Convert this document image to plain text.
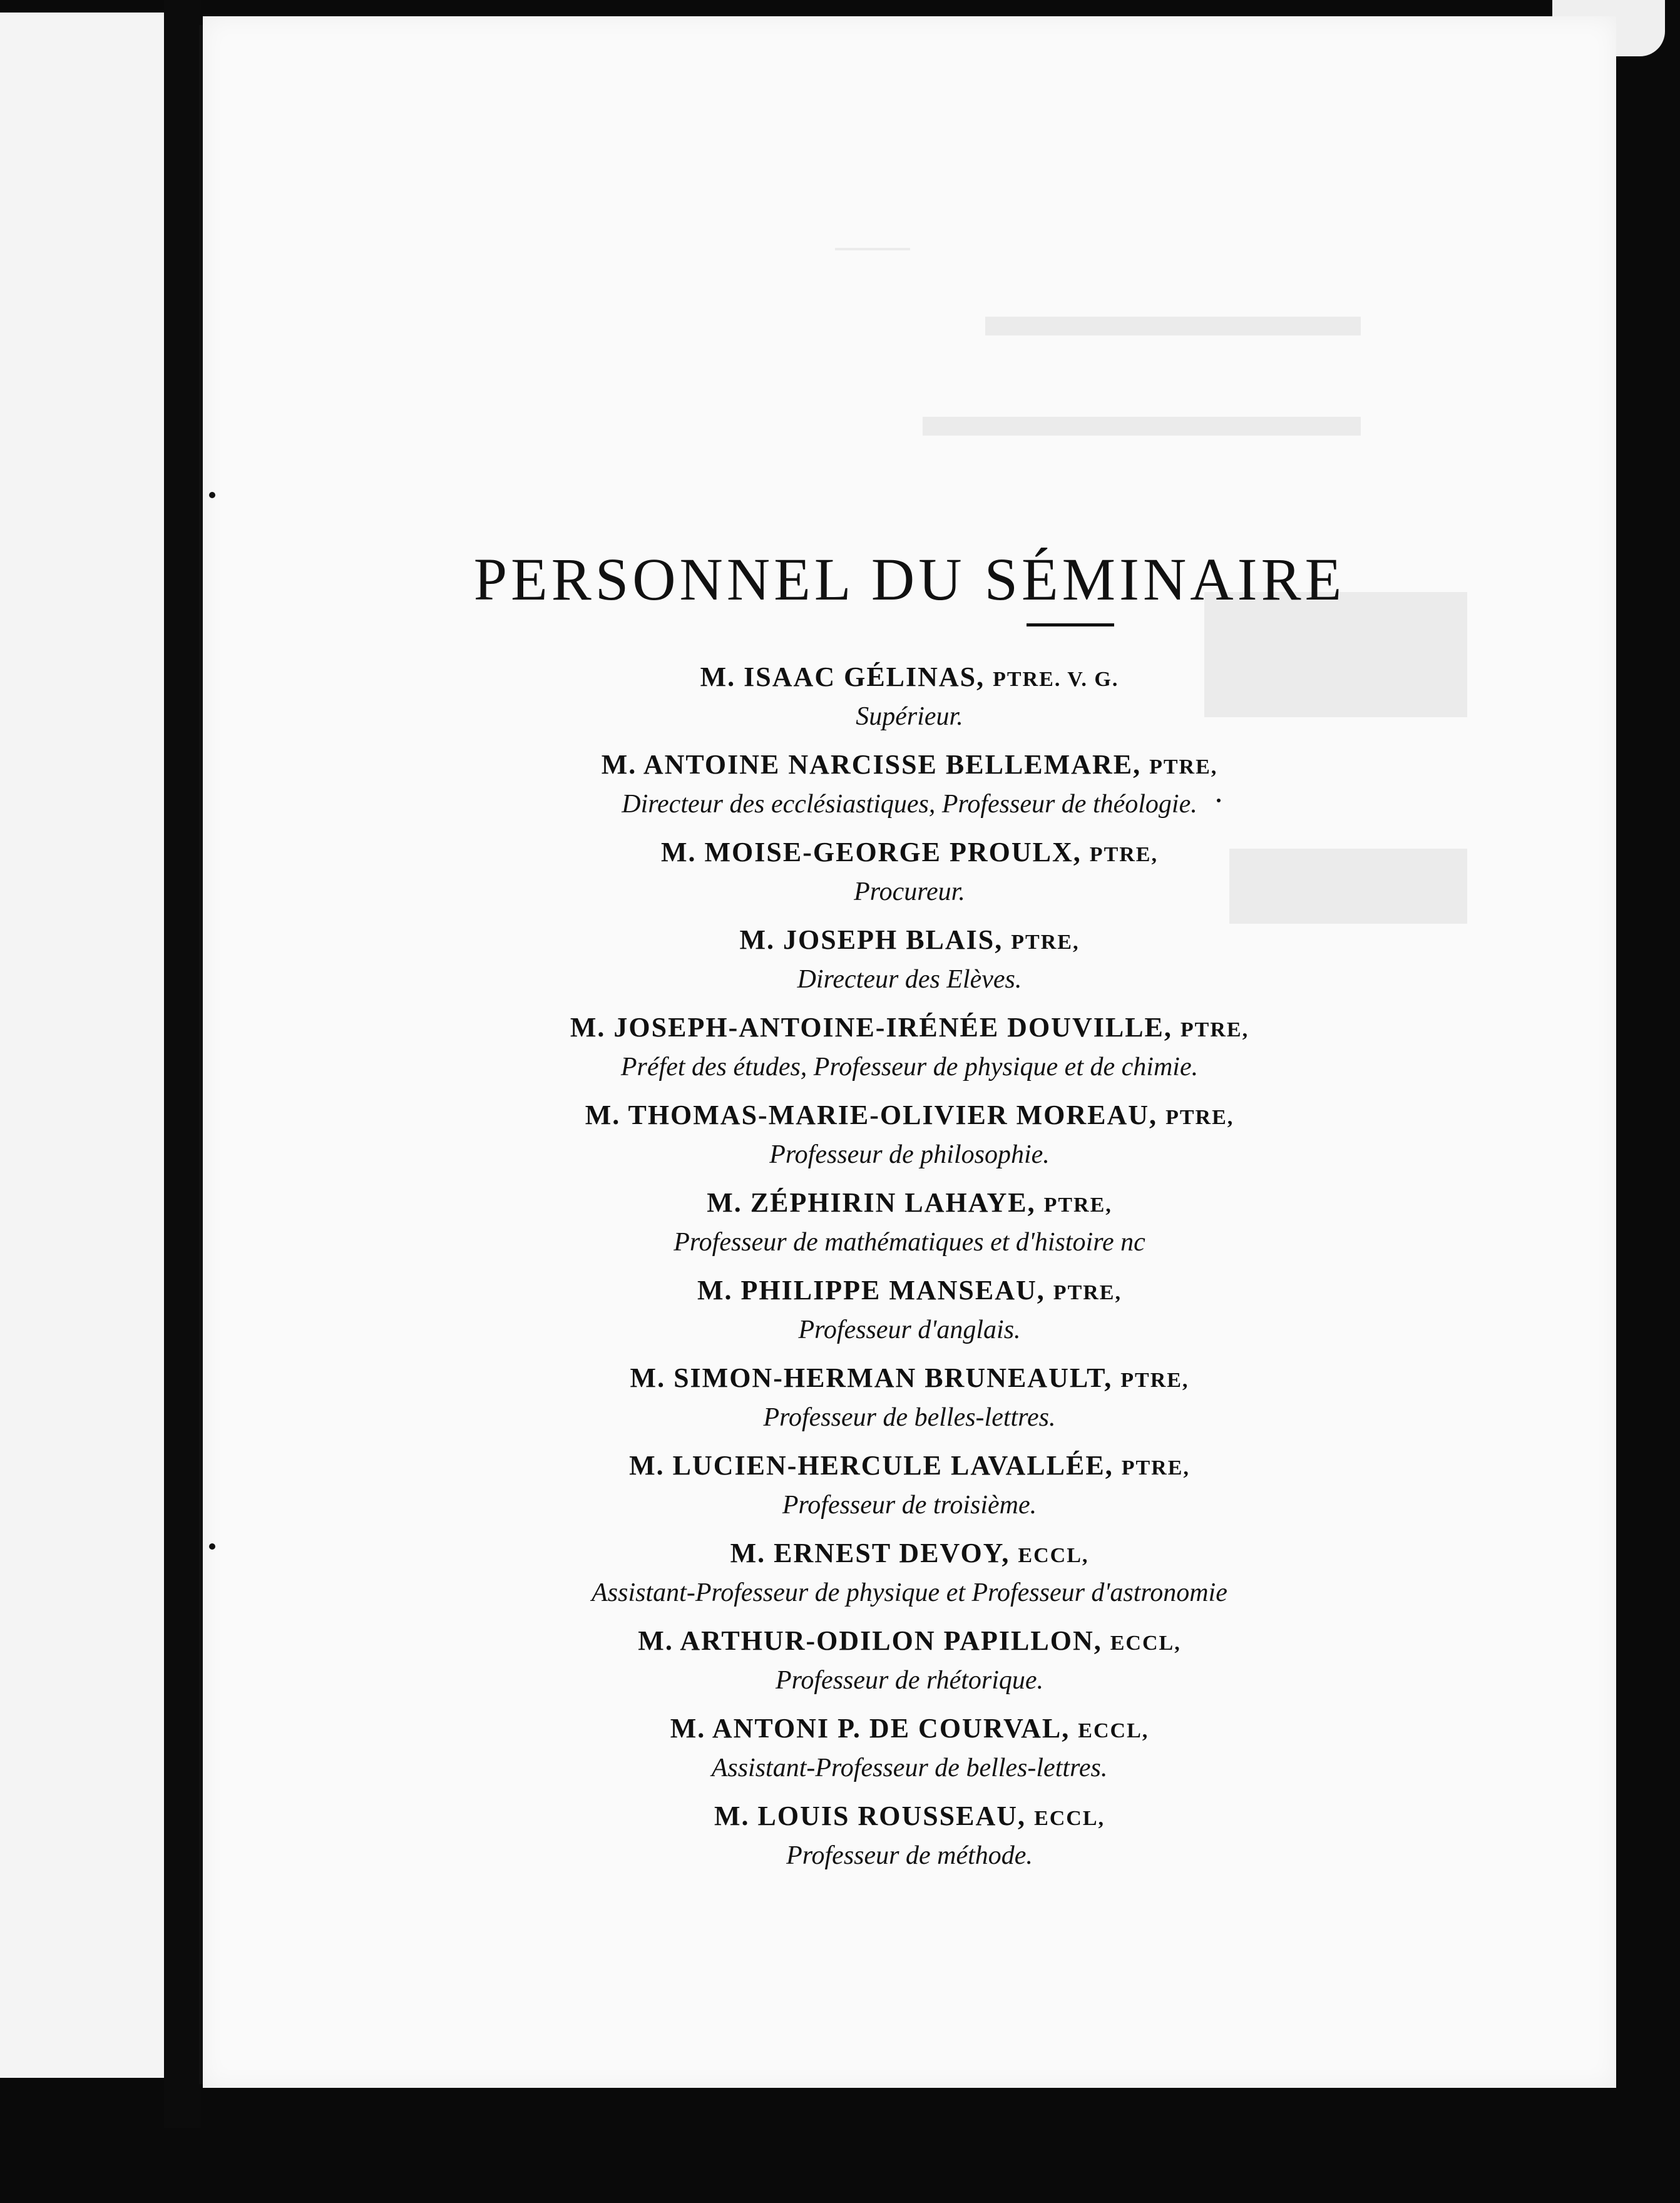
PERSONNEL DU SÉMINAIRE
M. ISAAC GÉLINAS, PTRE. V. G.
Supérieur.
M. ANTOINE NARCISSE BELLEMARE, PTRE,
Directeur des ecclésiastiques, Professeur de théologie.
M. MOISE-GEORGE PROULX, PTRE,
Procureur.
M. JOSEPH BLAIS, PTRE,
Directeur des Elèves.
M. JOSEPH-ANTOINE-IRÉNÉE DOUVILLE, PTRE,
Préfet des études, Professeur de physique et de chimie.
M. THOMAS-MARIE-OLIVIER MOREAU, PTRE,
Professeur de philosophie.
M. ZÉPHIRIN LAHAYE, PTRE,
Professeur de mathématiques et d'histoire nc
M. PHILIPPE MANSEAU, PTRE,
Professeur d'anglais.
M. SIMON-HERMAN BRUNEAULT, PTRE,
Professeur de belles-lettres.
M. LUCIEN-HERCULE LAVALLÉE, PTRE,
Professeur de troisième.
M. ERNEST DEVOY, ECCL,
Assistant-Professeur de physique et Professeur d'astronomie
M. ARTHUR-ODILON PAPILLON, ECCL,
Professeur de rhétorique.
M. ANTONI P. DE COURVAL, ECCL,
Assistant-Professeur de belles-lettres.
M. LOUIS ROUSSEAU, ECCL,
Professeur de méthode.
